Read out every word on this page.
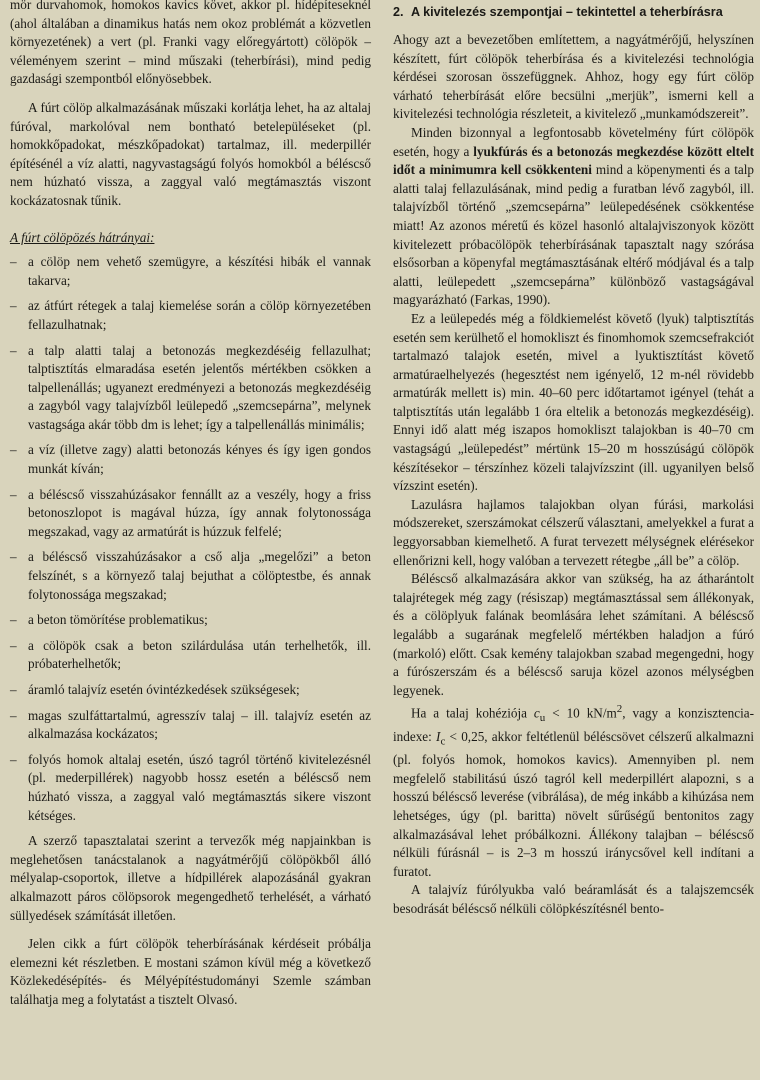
mör durvahomok, homokos kavics követ, akkor pl. hídépíteseknél (ahol általában a dinamikus hatás nem okoz problémát a közvetlen környezetének) a vert (pl. Franki vagy előregyártott) cölöpök – véleményem szerint – mind műszaki (teherbírási), mind pedig gazdasági szempontból előnyösebbek.

A fúrt cölöp alkalmazásának műszaki korlátja lehet, ha az altalaj fúróval, markolóval nem bontható betelepüléseket (pl. homokkőpadokat, mészkőpadokat) tartalmaz, ill. mederpillér építésénél a víz alatti, nagyvastagságú folyós homokból a béléscső nem húzható vissza, a zaggyal való megtámasztás viszont kockázatosnak tűnik.

A fúrt cölöpözés hátrányai:

– a cölöp nem vehető szemügyre, a készítési hibák el vannak takarva;
– az átfúrt rétegek a talaj kiemelése során a cölöp környezetében fellazulhatnak;
– a talp alatti talaj a betonozás megkezdéséig fellazulhat; talptisztítás elmaradása esetén jelentős mértékben csökken a talpellenállás; ugyanezt eredményezi a betonozás megkezdéséig a zagyból vagy talajvízből leülepedő „szemcsepárna”, melynek vastagsága akár több dm is lehet; így a talpellenállás minimális;
– a víz (illetve zagy) alatti betonozás kényes és így igen gondos munkát kíván;
– a béléscső visszahúzásakor fennállt az a veszély, hogy a friss betonoszlopot is magával húzza, így annak folytonossága megszakad, vagy az armatúrát is húzzuk felfelé;
– a béléscső visszahúzásakor a cső alja „megelőzi” a beton felszínét, s a környező talaj bejuthat a cölöptestbe, és annak folytonossága megszakad;
– a beton tömörítése problematikus;
– a cölöpök csak a beton szilárdulása után terhelhetők, ill. próbaterhelhetők;
– áramló talajvíz esetén óvintézkedések szükségesek;
– magas szulfáttartalmú, agresszív talaj – ill. talajvíz esetén az alkalmazása kockázatos;
– folyós homok altalaj esetén, úszó tagról történő kivitelezésnél (pl. mederpillérek) nagyobb hossz esetén a béléscső nem húzható vissza, a zaggyal való megtámasztás sikere viszont kétséges.

A szerző tapasztalatai szerint a tervezők még napjainkban is meglehetősen tanácstalanok a nagyátmérőjű cölöpökből álló mélyalap-csoportok, illetve a hídpillérek alapozásánál gyakran alkalmazott páros cölöpsorok megengedhető terhelését, a várható süllyedések számítását illetően.

Jelen cikk a fúrt cölöpök teherbírásának kérdéseit próbálja elemezni két részletben. E mostani számon kívül még a következő Közlekedésépítés- és Mélyépítéstudományi Szemle számban találhatja meg a folytatást a tisztelt Olvasó.

2. A kivitelezés szempontjai – tekintettel a teherbírásra

Ahogy azt a bevezetőben említettem, a nagyátmérőjű, helyszínen készített, fúrt cölöpök teherbírása és a kivitelezési technológia kérdései szorosan összefüggnek. Ahhoz, hogy egy fúrt cölöp várható teherbírását előre becsülni „merjük”, ismerni kell a kivitelezési technológia részleteit, a kivitelező „munkamódszereit”.

Minden bizonnyal a legfontosabb követelmény fúrt cölöpök esetén, hogy a lyukfúrás és a betonozás megkezdése között eltelt időt a minimumra kell csökkenteni mind a köpenymenti és a talp alatti talaj fellazulásának, mind pedig a furatban lévő zagyból, ill. talajvízből történő „szemcsepárna” leülepedésének csökkentése miatt! Az azonos méretű és közel hasonló altalajviszonyok között kivitelezett próbacölöpök teherbírásának tapasztalt nagy szórása elsősorban a köpenyfal megtámasztásának eltérő módjával és a talp alatti, leülepedett „szemcsepárna” különböző vastagságával magyarázható (Farkas, 1990).

Ez a leülepedés még a földkiemelést követő (lyuk) talptisztítás esetén sem kerülhető el homokliszt és finomhomok szemcsefrakciót tartalmazó talajok esetén, mivel a lyuktisztítást követő armatúraelhelyezés (hegesztést nem igényelő, 12 m-nél rövidebb armatúrák mellett is) min. 40–60 perc időtartamot igényel (tehát a talptisztítás után legalább 1 óra eltelik a betonozás megkezdéséig). Ennyi idő alatt még iszapos homokliszt talajokban is 40–70 cm vastagságú „leülepedést” mértünk 15–20 m hosszúságú cölöpök készítésekor – térszínhez közeli talajvízszint (ill. ugyanilyen belső vízszint esetén).

Lazulásra hajlamos talajokban olyan fúrási, markolási módszereket, szerszámokat célszerű választani, amelyekkel a furat a leggyorsabban kiemelhető. A furat tervezett mélységnek elérésekor ellenőrizni kell, hogy valóban a tervezett rétegbe „áll be” a cölöp.

Béléscső alkalmazására akkor van szükség, ha az átharántolt talajrétegek még zagy (résiszap) megtámasztással sem állékonyak, és a cölöplyuk falának beomlására lehet számítani. A béléscső legalább a sugarának megfelelő mértékben haladjon a fúró (markoló) előtt. Csak kemény talajokban szabad megengedni, hogy a fúrószerszám és a béléscső saruja közel azonos mélységben legyenek.

Ha a talaj kohéziója $c_u < 10$ $kN/m^2$, vagy a konzisztencia-indexe: $I_c < 0,25$, akkor feltétlenül béléscsövet célszerű alkalmazni (pl. folyós homok, homokos kavics). Amennyiben pl. nem megfelelő stabilitású úszó tagról kell mederpillért alapozni, s a hosszú béléscső leverése (vibrálása), de még inkább a kihúzása nem lehetséges, úgy (pl. baritta) növelt sűrűségű bentonitos zagy alkalmazásával lehet próbálkozni. Állékony talajban – béléscső nélküli fúrásnál – is 2–3 m hosszú iránycsővel kell indítani a furatot.

A talajvíz fúrólyukba való beáramlását és a talajszemcsék besodrását béléscső nélküli cölöpkészítésnél bento-
